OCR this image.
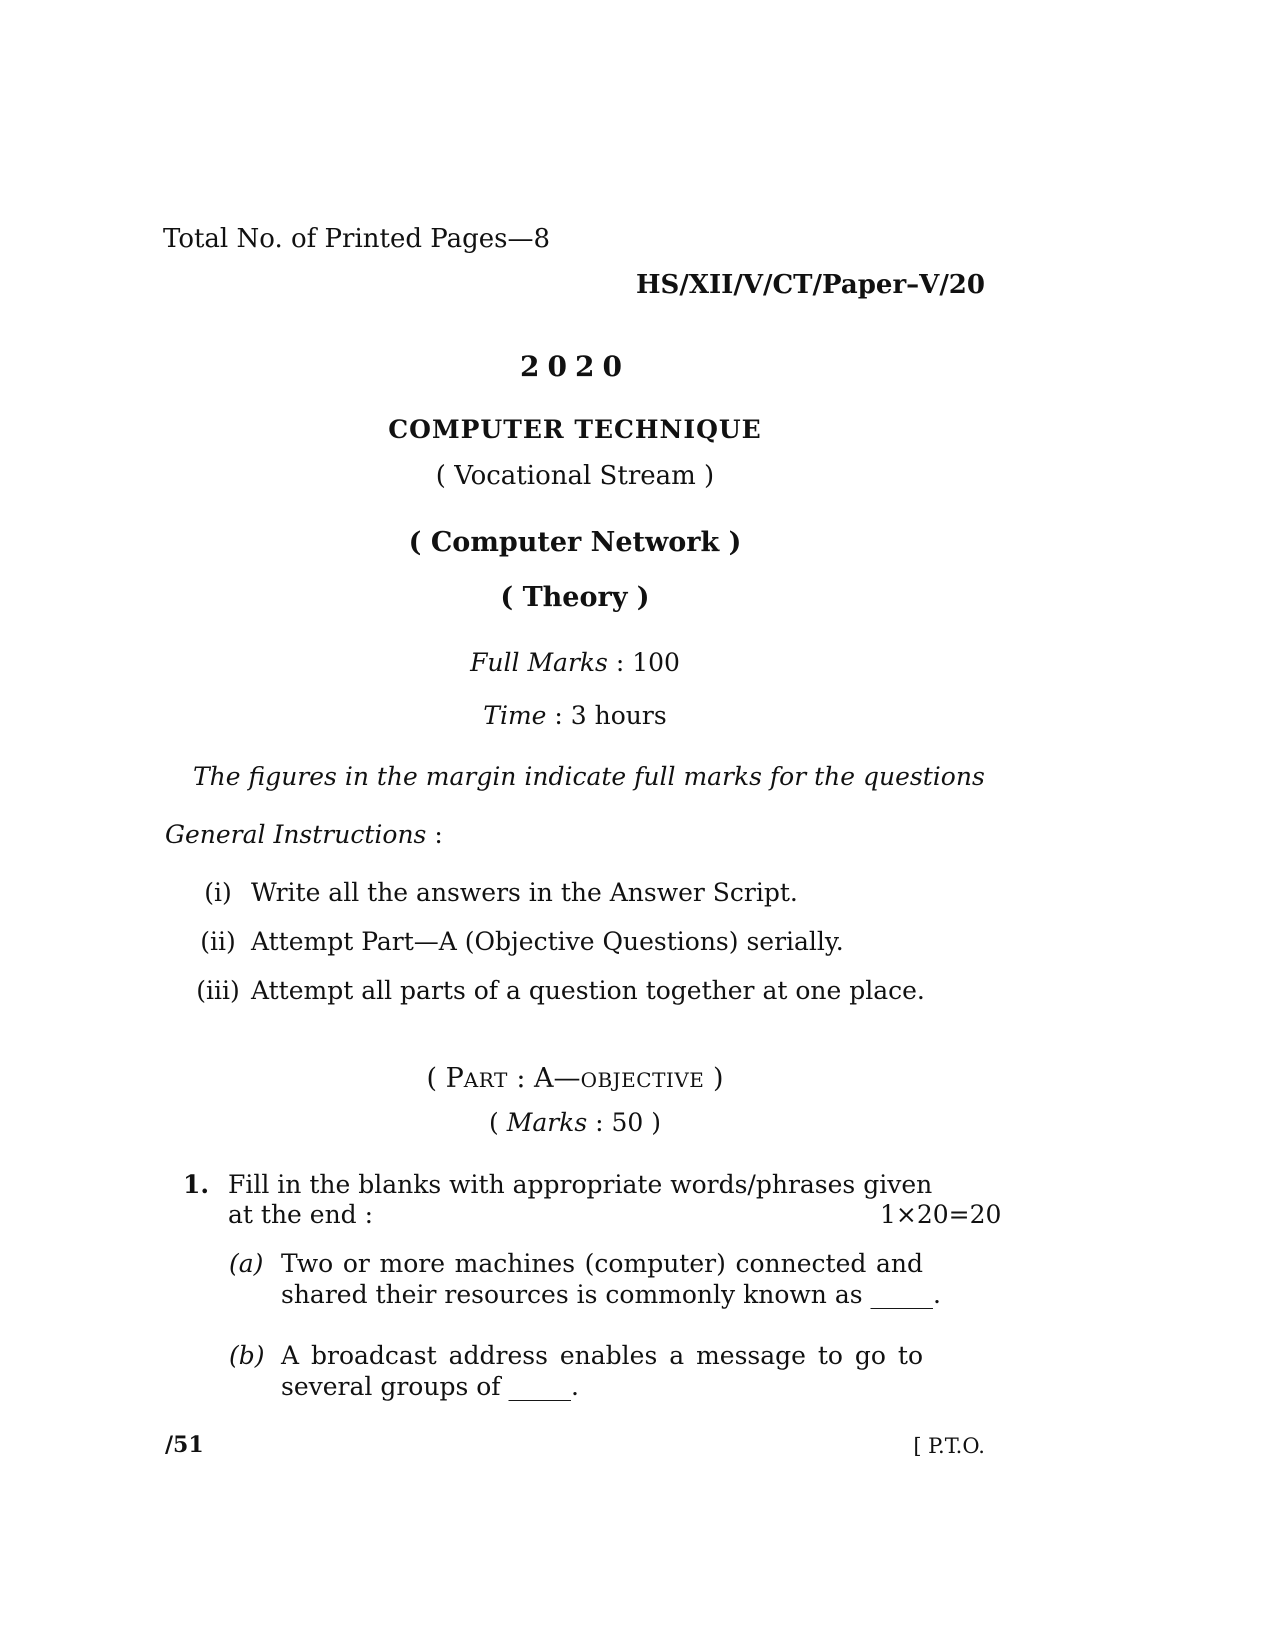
Total No. of Printed Pages—8
HS/XII/V/CT/Paper–V/20
2020
COMPUTER TECHNIQUE
( Vocational Stream )
( Computer Network )
( Theory )
Full Marks : 100
Time : 3 hours
The figures in the margin indicate full marks for the questions
General Instructions :
(i) Write all the answers in the Answer Script.
(ii) Attempt Part—A (Objective Questions) serially.
(iii) Attempt all parts of a question together at one place.
( PART : A—OBJECTIVE )
( Marks : 50 )
1. Fill in the blanks with appropriate words/phrases given
at the end :	1×20=20
(a) Two or more machines (computer) connected and
shared their resources is commonly known as _____.
(b) A broadcast address enables a message to go to
several groups of _____.
/51	[ P.T.O.
